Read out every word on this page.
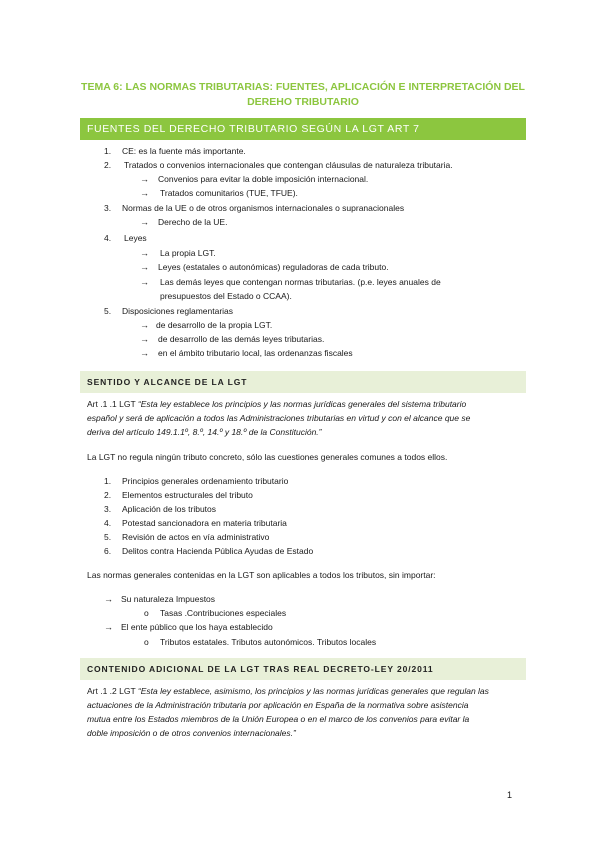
TEMA 6: LAS NORMAS TRIBUTARIAS: FUENTES, APLICACIÓN E INTERPRETACIÓN DEL DEREHO TRIBUTARIO
FUENTES DEL DERECHO TRIBUTARIO SEGÚN LA LGT ART 7
1. CE: es la fuente más importante.
2. Tratados o convenios internacionales que contengan cláusulas de naturaleza tributaria.
→ Convenios para evitar la doble imposición internacional.
→ Tratados comunitarios (TUE, TFUE).
3. Normas de la UE o de otros organismos internacionales o supranacionales
→ Derecho de la UE.
4. Leyes
→ La propia LGT.
→ Leyes (estatales o autonómicas) reguladoras de cada tributo.
→ Las demás leyes que contengan normas tributarias. (p.e. leyes anuales de
presupuestos del Estado o CCAA).
5. Disposiciones reglamentarias
→ de desarrollo de la propia LGT.
→ de desarrollo de las demás leyes tributarias.
→ en el ámbito tributario local, las ordenanzas fiscales
SENTIDO Y ALCANCE DE LA LGT
Art .1 .1 LGT “Esta ley establece los principios y las normas jurídicas generales del sistema tributario
español y será de aplicación a todos las Administraciones tributarias en virtud y con el alcance que se
deriva del artículo 149.1.1º, 8.º, 14.º y 18.º de la Constitución.”
La LGT no regula ningún tributo concreto, sólo las cuestiones generales comunes a todos ellos.
1. Principios generales ordenamiento tributario
2. Elementos estructurales del tributo
3. Aplicación de los tributos
4. Potestad sancionadora en materia tributaria
5. Revisión de actos en vía administrativo
6. Delitos contra Hacienda Pública Ayudas de Estado
Las normas generales contenidas en la LGT son aplicables a todos los tributos, sin importar:
→ Su naturaleza Impuestos
o Tasas .Contribuciones especiales
→ El ente público que los haya establecido
o Tributos estatales. Tributos autonómicos. Tributos locales
CONTENIDO ADICIONAL DE LA LGT TRAS REAL DECRETO-LEY 20/2011
Art .1 .2 LGT “Esta ley establece, asimismo, los principios y las normas jurídicas generales que regulan las
actuaciones de la Administración tributaria por aplicación en España de la normativa sobre asistencia
mutua entre los Estados miembros de la Unión Europea o en el marco de los convenios para evitar la
doble imposición o de otros convenios internacionales.”
1
